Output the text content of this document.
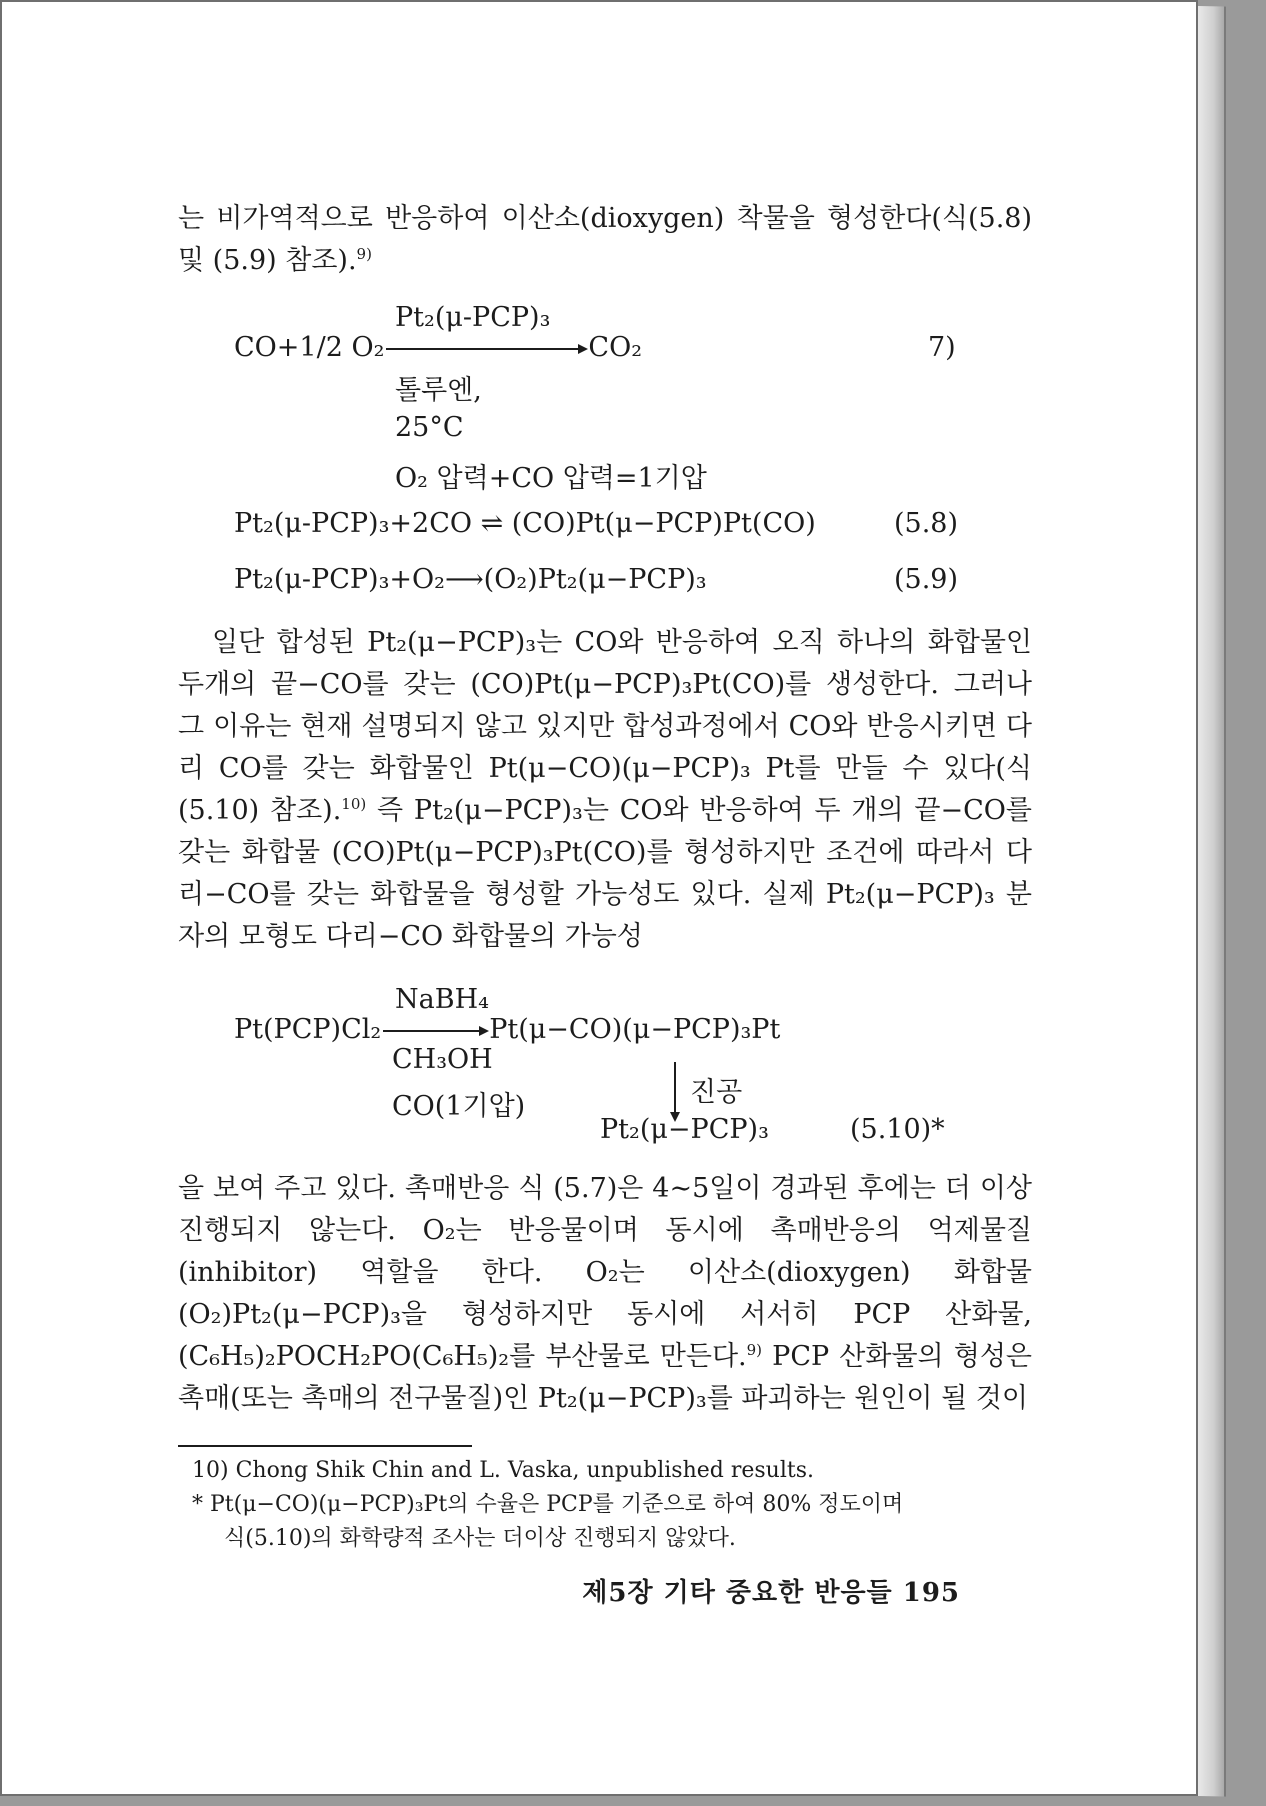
는 비가역적으로 반응하여 이산소(dioxygen) 착물을 형성한다(식(5.8) 및 (5.9) 참조).$^{9)}$

Pt₂(μ-PCP)₃
CO+1/2 O₂	CO₂	7)
톨루엔,
25°C
O₂ 압력+CO 압력=1기압
Pt₂(μ-PCP)₃+2CO ⇌ (CO)Pt(μ−PCP)Pt(CO)	(5.8)
Pt₂(μ-PCP)₃+O₂⟶(O₂)Pt₂(μ−PCP)₃	(5.9)

일단 합성된 Pt₂(μ−PCP)₃는 CO와 반응하여 오직 하나의 화합물인 두개의 끝−CO를 갖는 (CO)Pt(μ−PCP)₃Pt(CO)를 생성한다. 그러나 그 이유는 현재 설명되지 않고 있지만 합성과정에서 CO와 반응시키면 다리 CO를 갖는 화합물인 Pt(μ−CO)(μ−PCP)₃ Pt를 만들 수 있다(식(5.10) 참조).$^{10)}$ 즉 Pt₂(μ−PCP)₃는 CO와 반응하여 두 개의 끝−CO를 갖는 화합물 (CO)Pt(μ−PCP)₃Pt(CO)를 형성하지만 조건에 따라서 다리−CO를 갖는 화합물을 형성할 가능성도 있다. 실제 Pt₂(μ−PCP)₃ 분자의 모형도 다리−CO 화합물의 가능성

NaBH₄
Pt(PCP)Cl₂	Pt(μ−CO)(μ−PCP)₃Pt
CH₃OH
CO(1기압)	진공
Pt₂(μ−PCP)₃	(5.10)*

을 보여 주고 있다. 촉매반응 식 (5.7)은 4∼5일이 경과된 후에는 더 이상 진행되지 않는다. O₂는 반응물이며 동시에 촉매반응의 억제물질(inhibitor) 역할을 한다. O₂는 이산소(dioxygen) 화합물(O₂)Pt₂(μ−PCP)₃을 형성하지만 동시에 서서히 PCP 산화물, (C₆H₅)₂POCH₂PO(C₆H₅)₂를 부산물로 만든다.$^{9)}$ PCP 산화물의 형성은 촉매(또는 촉매의 전구물질)인 Pt₂(μ−PCP)₃를 파괴하는 원인이 될 것이

10) Chong Shik Chin and L. Vaska, unpublished results.

* Pt(μ−CO)(μ−PCP)₃Pt의 수율은 PCP를 기준으로 하여 80% 정도이며

식(5.10)의 화학량적 조사는 더이상 진행되지 않았다.

제5장 기타 중요한 반응들 195
